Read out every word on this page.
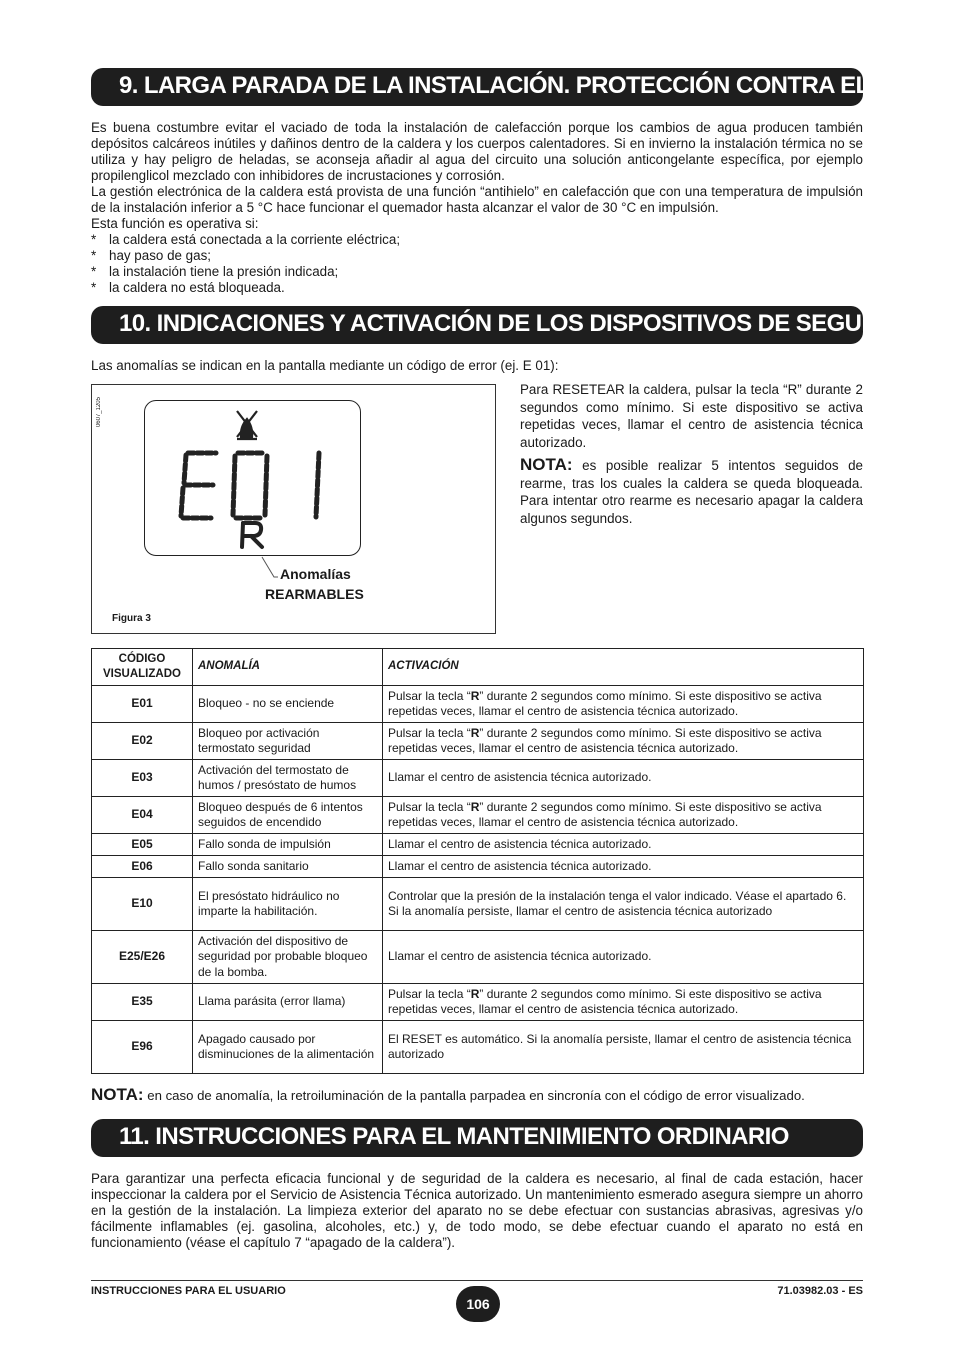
9. LARGA PARADA DE LA INSTALACIÓN. PROTECCIÓN CONTRA EL HIELO

Es buena costumbre evitar el vaciado de toda la instalación de calefacción porque los cambios de agua producen también depósitos calcáreos inútiles y dañinos dentro de la caldera y los cuerpos calentadores. Si en invierno la instalación térmica no se utiliza y hay peligro de heladas, se aconseja añadir al agua del circuito una solución anticongelante específica, por ejemplo propilenglicol mezclado con inhibidores de incrustaciones y corrosión.

La gestión electrónica de la caldera está provista de una función “antihielo” en calefacción que con una temperatura de impulsión de la instalación inferior a 5 °C hace funcionar el quemador hasta alcanzar el valor de 30 °C en impulsión.

Esta función es operativa si:

* la caldera está conectada a la corriente eléctrica;
* hay paso de gas;
* la instalación tiene la presión indicada;
* la caldera no está bloqueada.
10. INDICACIONES Y ACTIVACIÓN DE LOS DISPOSITIVOS DE SEGURIDAD
Las anomalías se indican en la pantalla mediante un código de error (ej. E 01):
0607_1205
Anomalías
REARMABLES
Figura 3

Para RESETEAR la caldera, pulsar la tecla “R” durante 2 segundos como mínimo. Si este dispositivo se activa repetidas veces, llamar el centro de asistencia técnica autorizado.

NOTA: es posible realizar 5 intentos seguidos de rearme, tras los cuales la caldera se queda bloqueada. Para intentar otro rearme es necesario apagar la caldera algunos segundos.

CÓDIGO VISUALIZADO	ANOMALÍA	ACTIVACIÓN
E01	Bloqueo - no se enciende	Pulsar la tecla “R” durante 2 segundos como mínimo. Si este dispositivo se activa repetidas veces, llamar el centro de asistencia técnica autorizado.
E02	Bloqueo por activación termostato seguridad	Pulsar la tecla “R” durante 2 segundos como mínimo. Si este dispositivo se activa repetidas veces, llamar el centro de asistencia técnica autorizado.
E03	Activación del termostato de humos / presóstato de humos	Llamar el centro de asistencia técnica autorizado.
E04	Bloqueo después de 6 intentos seguidos de encendido	Pulsar la tecla “R” durante 2 segundos como mínimo. Si este dispositivo se activa repetidas veces, llamar el centro de asistencia técnica autorizado.
E05	Fallo sonda de impulsión	Llamar el centro de asistencia técnica autorizado.
E06	Fallo sonda sanitario	Llamar el centro de asistencia técnica autorizado.
E10	El presóstato hidráulico no imparte la habilitación.	Controlar que la presión de la instalación tenga el valor indicado. Véase el apartado 6. Si la anomalía persiste, llamar el centro de asistencia técnica autorizado
E25/E26	Activación del dispositivo de seguridad por probable bloqueo de la bomba.	Llamar el centro de asistencia técnica autorizado.
E35	Llama parásita (error llama)	Pulsar la tecla “R” durante 2 segundos como mínimo. Si este dispositivo se activa repetidas veces, llamar el centro de asistencia técnica autorizado.
E96	Apagado causado por disminuciones de la alimentación	El RESET es automático. Si la anomalía persiste, llamar el centro de asistencia técnica autorizado
NOTA: en caso de anomalía, la retroiluminación de la pantalla parpadea en sincronía con el código de error visualizado.
11. INSTRUCCIONES PARA EL MANTENIMIENTO ORDINARIO

Para garantizar una perfecta eficacia funcional y de seguridad de la caldera es necesario, al final de cada estación, hacer inspeccionar la caldera por el Servicio de Asistencia Técnica autorizado. Un mantenimiento esmerado asegura siempre un ahorro en la gestión de la instalación. La limpieza exterior del aparato no se debe efectuar con sustancias abrasivas, agresivas y/o fácilmente inflamables (ej. gasolina, alcoholes, etc.) y, de todo modo, se debe efectuar cuando el aparato no está en funcionamiento (véase el capítulo 7 “apagado de la caldera”).

INSTRUCCIONES PARA EL USUARIO
106
71.03982.03 - ES
